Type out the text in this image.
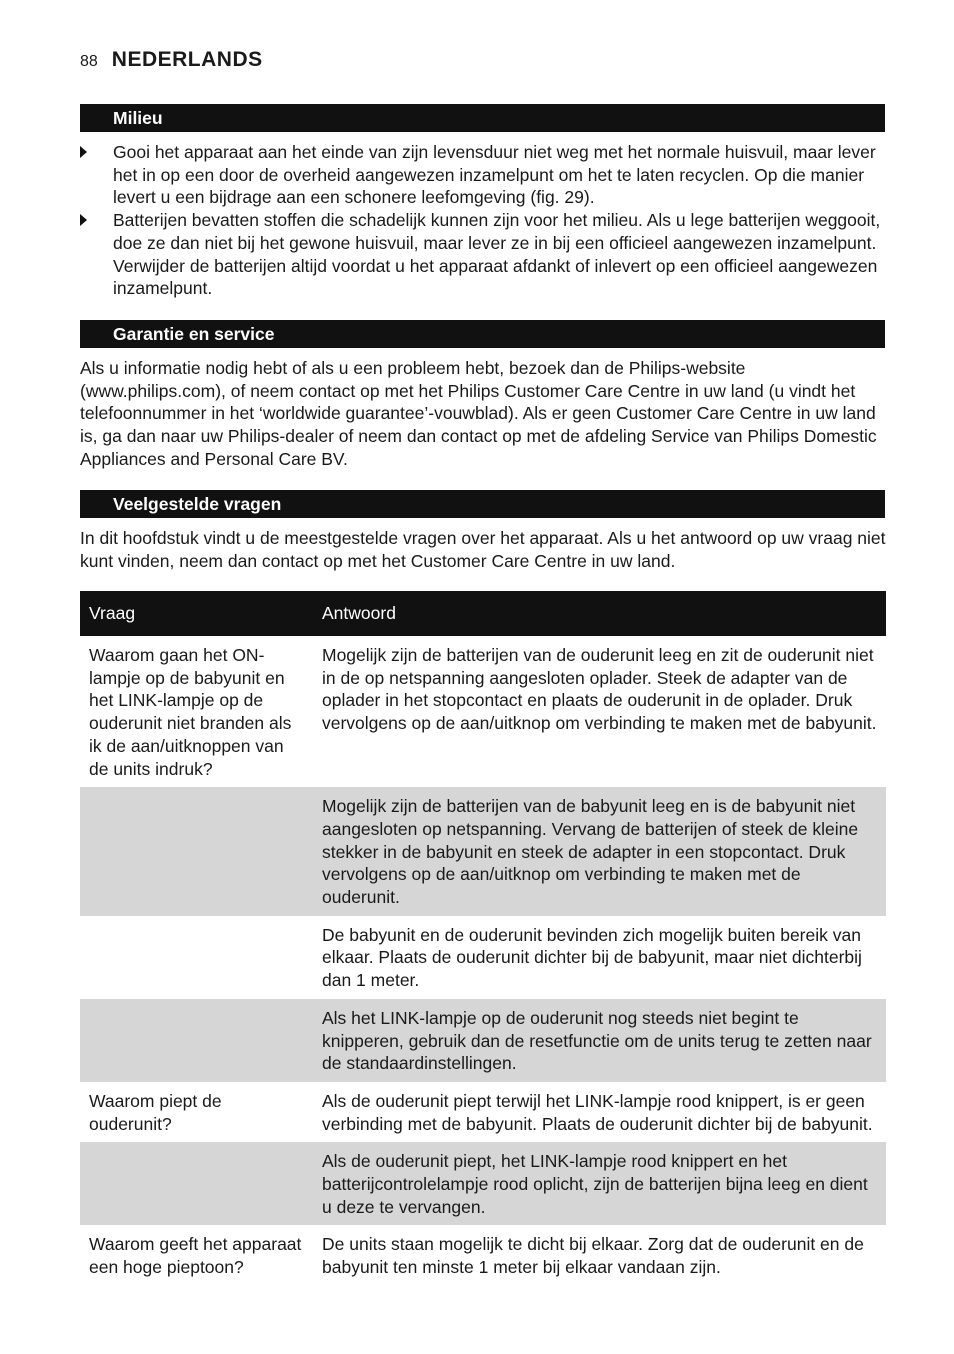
88 NEDERLANDS
Milieu
Gooi het apparaat aan het einde van zijn levensduur niet weg met het normale huisvuil, maar lever het in op een door de overheid aangewezen inzamelpunt om het te laten recyclen. Op die manier levert u een bijdrage aan een schonere leefomgeving (fig. 29).
Batterijen bevatten stoffen die schadelijk kunnen zijn voor het milieu. Als u lege batterijen weggooit, doe ze dan niet bij het gewone huisvuil, maar lever ze in bij een officieel aangewezen inzamelpunt. Verwijder de batterijen altijd voordat u het apparaat afdankt of inlevert op een officieel aangewezen inzamelpunt.
Garantie en service
Als u informatie nodig hebt of als u een probleem hebt, bezoek dan de Philips-website (www.philips.com), of neem contact op met het Philips Customer Care Centre in uw land (u vindt het telefoonnummer in het ‘worldwide guarantee’-vouwblad). Als er geen Customer Care Centre in uw land is, ga dan naar uw Philips-dealer of neem dan contact op met de afdeling Service van Philips Domestic Appliances and Personal Care BV.
Veelgestelde vragen
In dit hoofdstuk vindt u de meestgestelde vragen over het apparaat. Als u het antwoord op uw vraag niet kunt vinden, neem dan contact op met het Customer Care Centre in uw land.
Vraag	Antwoord
Waarom gaan het ON-lampje op de babyunit en het LINK-lampje op de ouderunit niet branden als ik de aan/uitknoppen van de units indruk?	Mogelijk zijn de batterijen van de ouderunit leeg en zit de ouderunit niet in de op netspanning aangesloten oplader. Steek de adapter van de oplader in het stopcontact en plaats de ouderunit in de oplader. Druk vervolgens op de aan/uitknop om verbinding te maken met de babyunit.
	Mogelijk zijn de batterijen van de babyunit leeg en is de babyunit niet aangesloten op netspanning. Vervang de batterijen of steek de kleine stekker in de babyunit en steek de adapter in een stopcontact. Druk vervolgens op de aan/uitknop om verbinding te maken met de ouderunit.
	De babyunit en de ouderunit bevinden zich mogelijk buiten bereik van elkaar. Plaats de ouderunit dichter bij de babyunit, maar niet dichterbij dan 1 meter.
	Als het LINK-lampje op de ouderunit nog steeds niet begint te knipperen, gebruik dan de resetfunctie om de units terug te zetten naar de standaardinstellingen.
Waarom piept de ouderunit?	Als de ouderunit piept terwijl het LINK-lampje rood knippert, is er geen verbinding met de babyunit. Plaats de ouderunit dichter bij de babyunit.
	Als de ouderunit piept, het LINK-lampje rood knippert en het batterijcontrolelampje rood oplicht, zijn de batterijen bijna leeg en dient u deze te vervangen.
Waarom geeft het apparaat een hoge pieptoon?	De units staan mogelijk te dicht bij elkaar. Zorg dat de ouderunit en de babyunit ten minste 1 meter bij elkaar vandaan zijn.
